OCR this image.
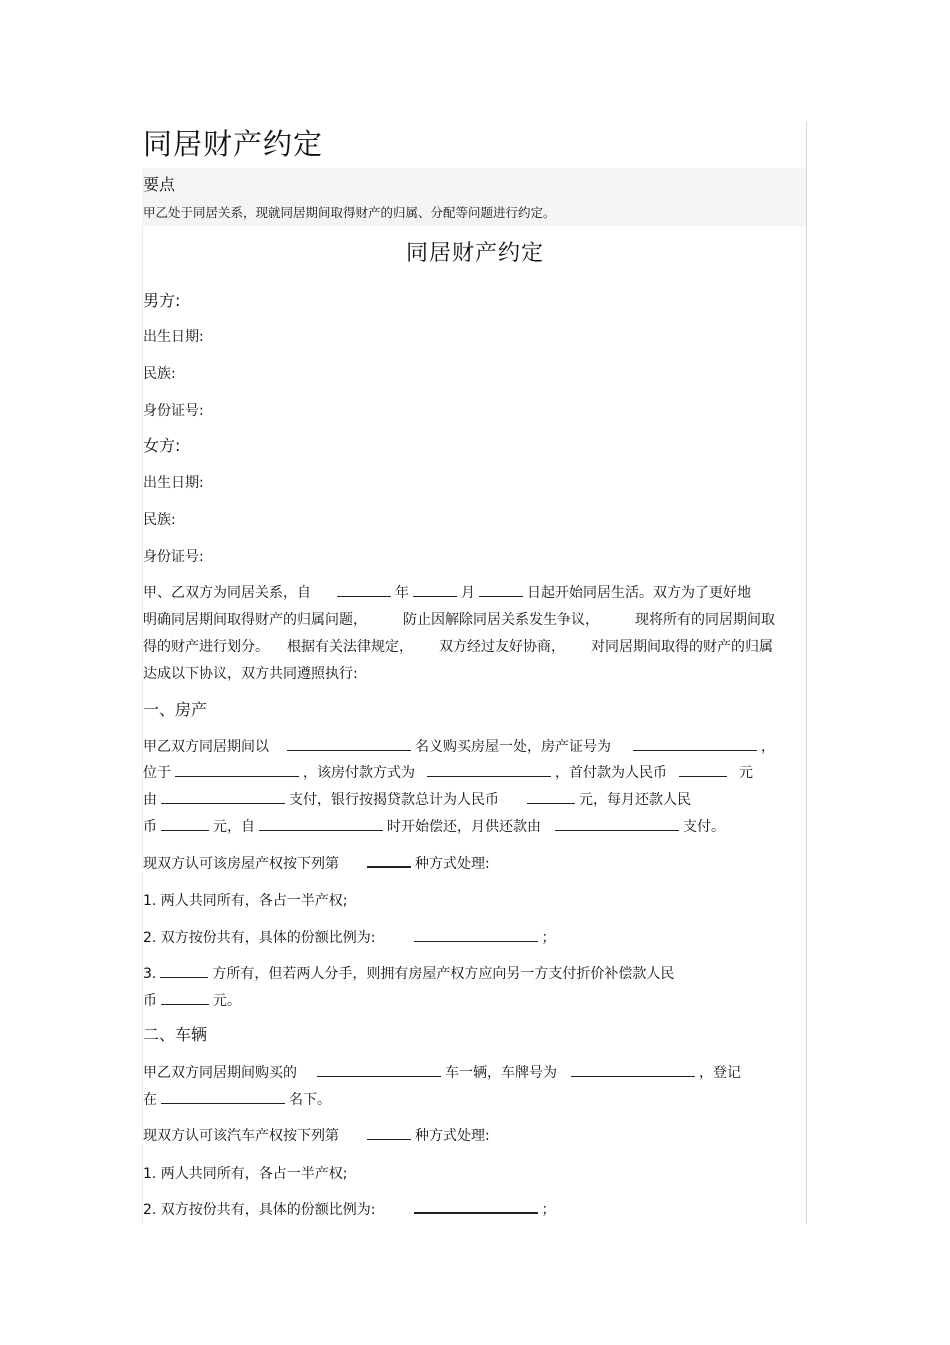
同居财产约定
要点
甲乙处于同居关系，现就同居期间取得财产的归属、分配等问题进行约定。
同居财产约定
男方:
出生日期:
民族:
身份证号:
女方:
出生日期:
民族:
身份证号:
甲、乙双方为同居关系，自	年	月	日起开始同居生活。双方为了更好地
明确同居期间取得财产的归属问题，	防止因解除同居关系发生争议，	现将所有的同居期间取
得的财产进行划分。 根据有关法律规定， 双方经过友好协商， 对同居期间取得的财产的归属
达成以下协议，双方共同遵照执行:
一、房产
甲乙双方同居期间以	名义购买房屋一处，房产证号为	，
位于	，该房付款方式为	，首付款为人民币	元
由	支付，银行按揭贷款总计为人民币	元，每月还款人民
币	元，自	时开始偿还，月供还款由	支付。
现双方认可该房屋产权按下列第	种方式处理:
1. 两人共同所有，各占一半产权;
2. 双方按份共有，具体的份额比例为:	；
3.	方所有，但若两人分手，则拥有房屋产权方应向另一方支付折价补偿款人民
币	元。
二、车辆
甲乙双方同居期间购买的	车一辆，车牌号为	，登记
在	名下。
现双方认可该汽车产权按下列第	种方式处理:
1. 两人共同所有，各占一半产权;
2. 双方按份共有，具体的份额比例为:	；
